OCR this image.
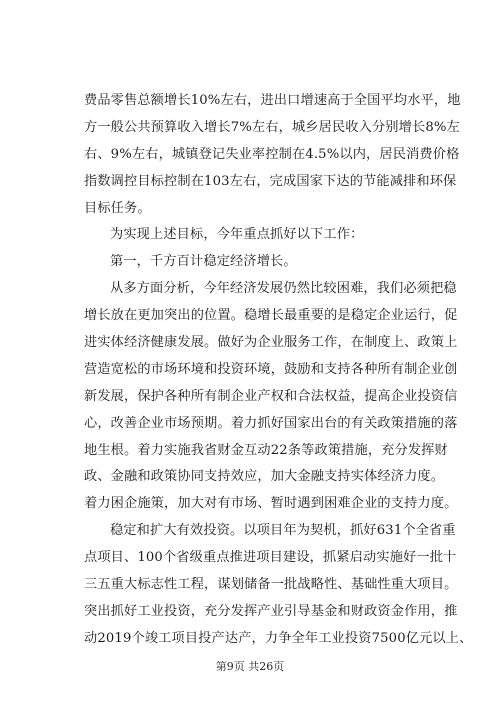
费品零售总额增长10%左右，进出口增速高于全国平均水平，地
方一般公共预算收入增长7%左右，城乡居民收入分别增长8%左
右、9%左右，城镇登记失业率控制在4.5%以内，居民消费价格
指数调控目标控制在103左右，完成国家下达的节能减排和环保
目标任务。
为实现上述目标，今年重点抓好以下工作：
第一，千方百计稳定经济增长。
从多方面分析，今年经济发展仍然比较困难，我们必须把稳
增长放在更加突出的位置。稳增长最重要的是稳定企业运行，促
进实体经济健康发展。做好为企业服务工作，在制度上、政策上
营造宽松的市场环境和投资环境，鼓励和支持各种所有制企业创
新发展，保护各种所有制企业产权和合法权益，提高企业投资信
心，改善企业市场预期。着力抓好国家出台的有关政策措施的落
地生根。着力实施我省财金互动22条等政策措施，充分发挥财
政、金融和政策协同支持效应，加大金融支持实体经济力度。
着力困企施策，加大对有市场、暂时遇到困难企业的支持力度。
稳定和扩大有效投资。以项目年为契机，抓好631个全省重
点项目、100个省级重点推进项目建设，抓紧启动实施好一批十
三五重大标志性工程，谋划储备一批战略性、基础性重大项目。
突出抓好工业投资，充分发挥产业引导基金和财政资金作用，推
动2019个竣工项目投产达产，力争全年工业投资7500亿元以上、
第9页 共26页
